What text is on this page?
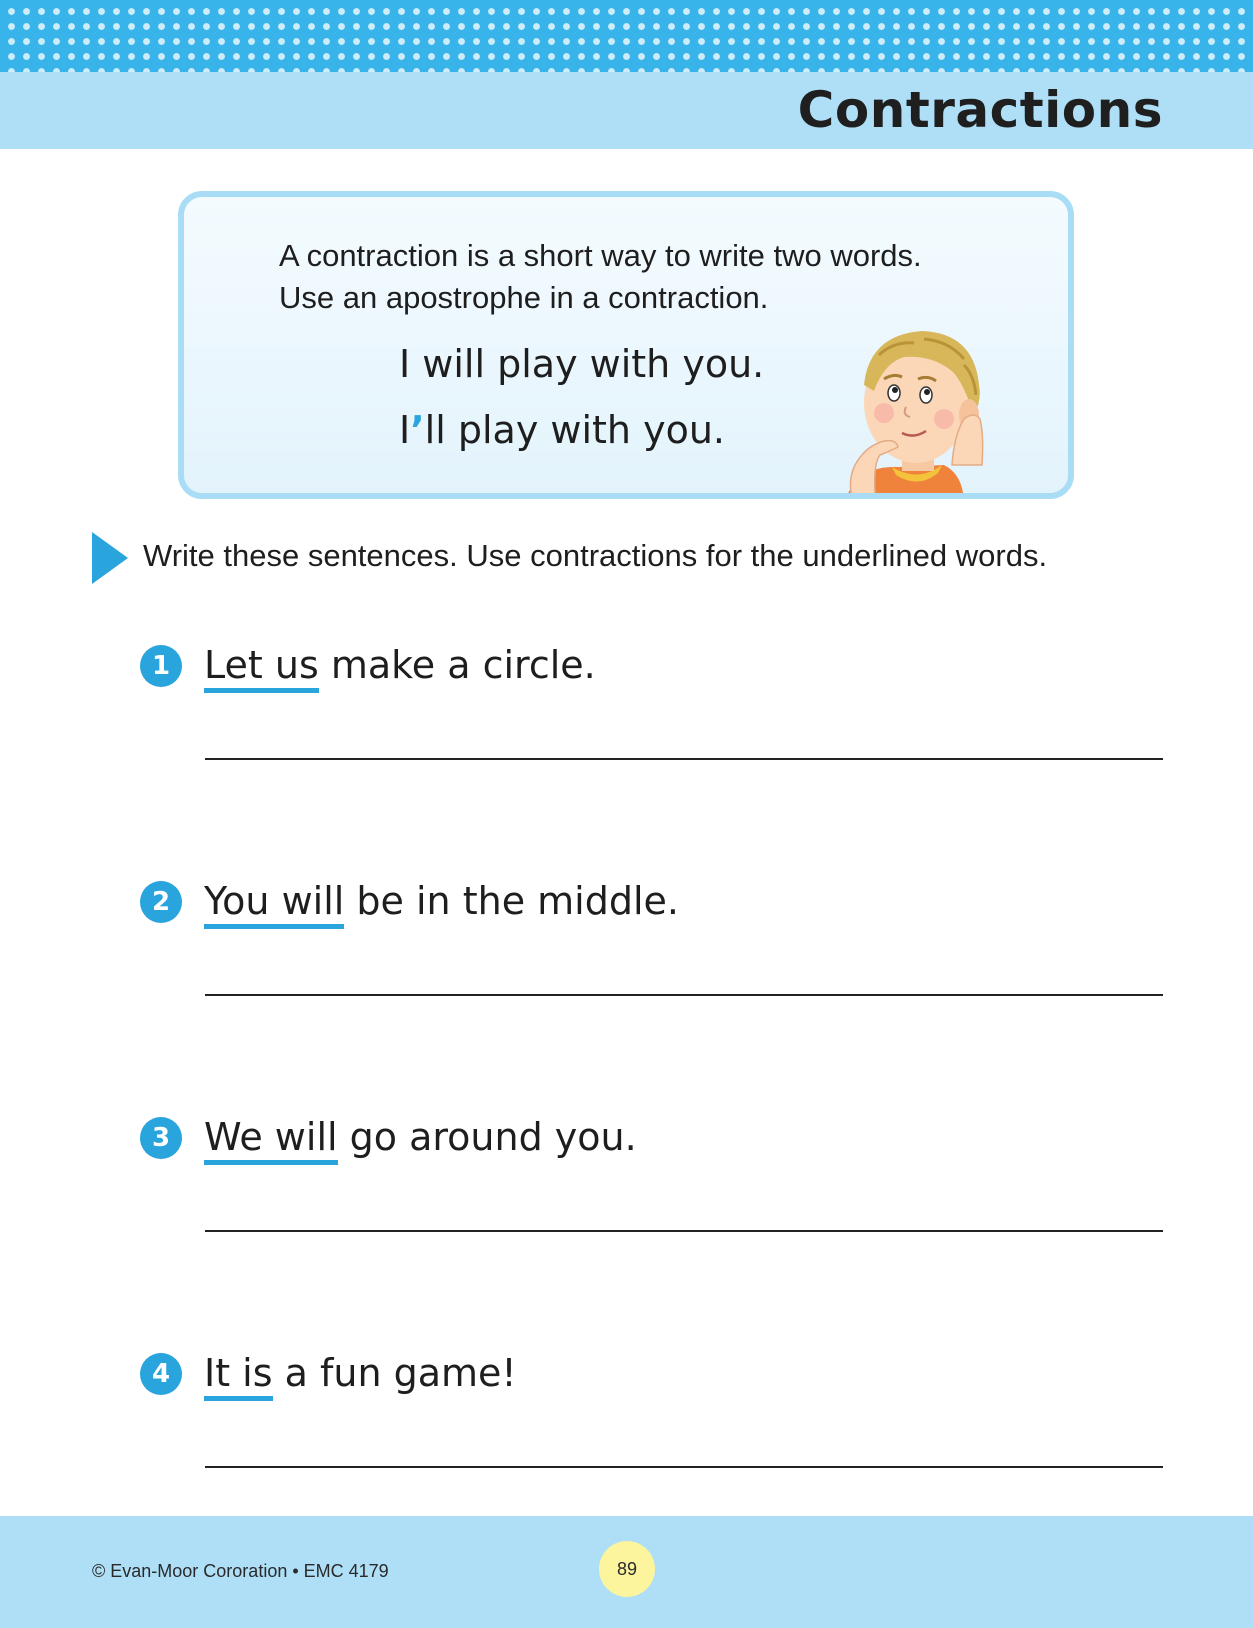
Contractions
A contraction is a short way to write two words.
Use an apostrophe in a contraction.
I will play with you.
I’ll play with you.
Write these sentences. Use contractions for the underlined words.
1 Let us make a circle.
2 You will be in the middle.
3 We will go around you.
4 It is a fun game!
© Evan-Moor Cororation • EMC 4179	89
